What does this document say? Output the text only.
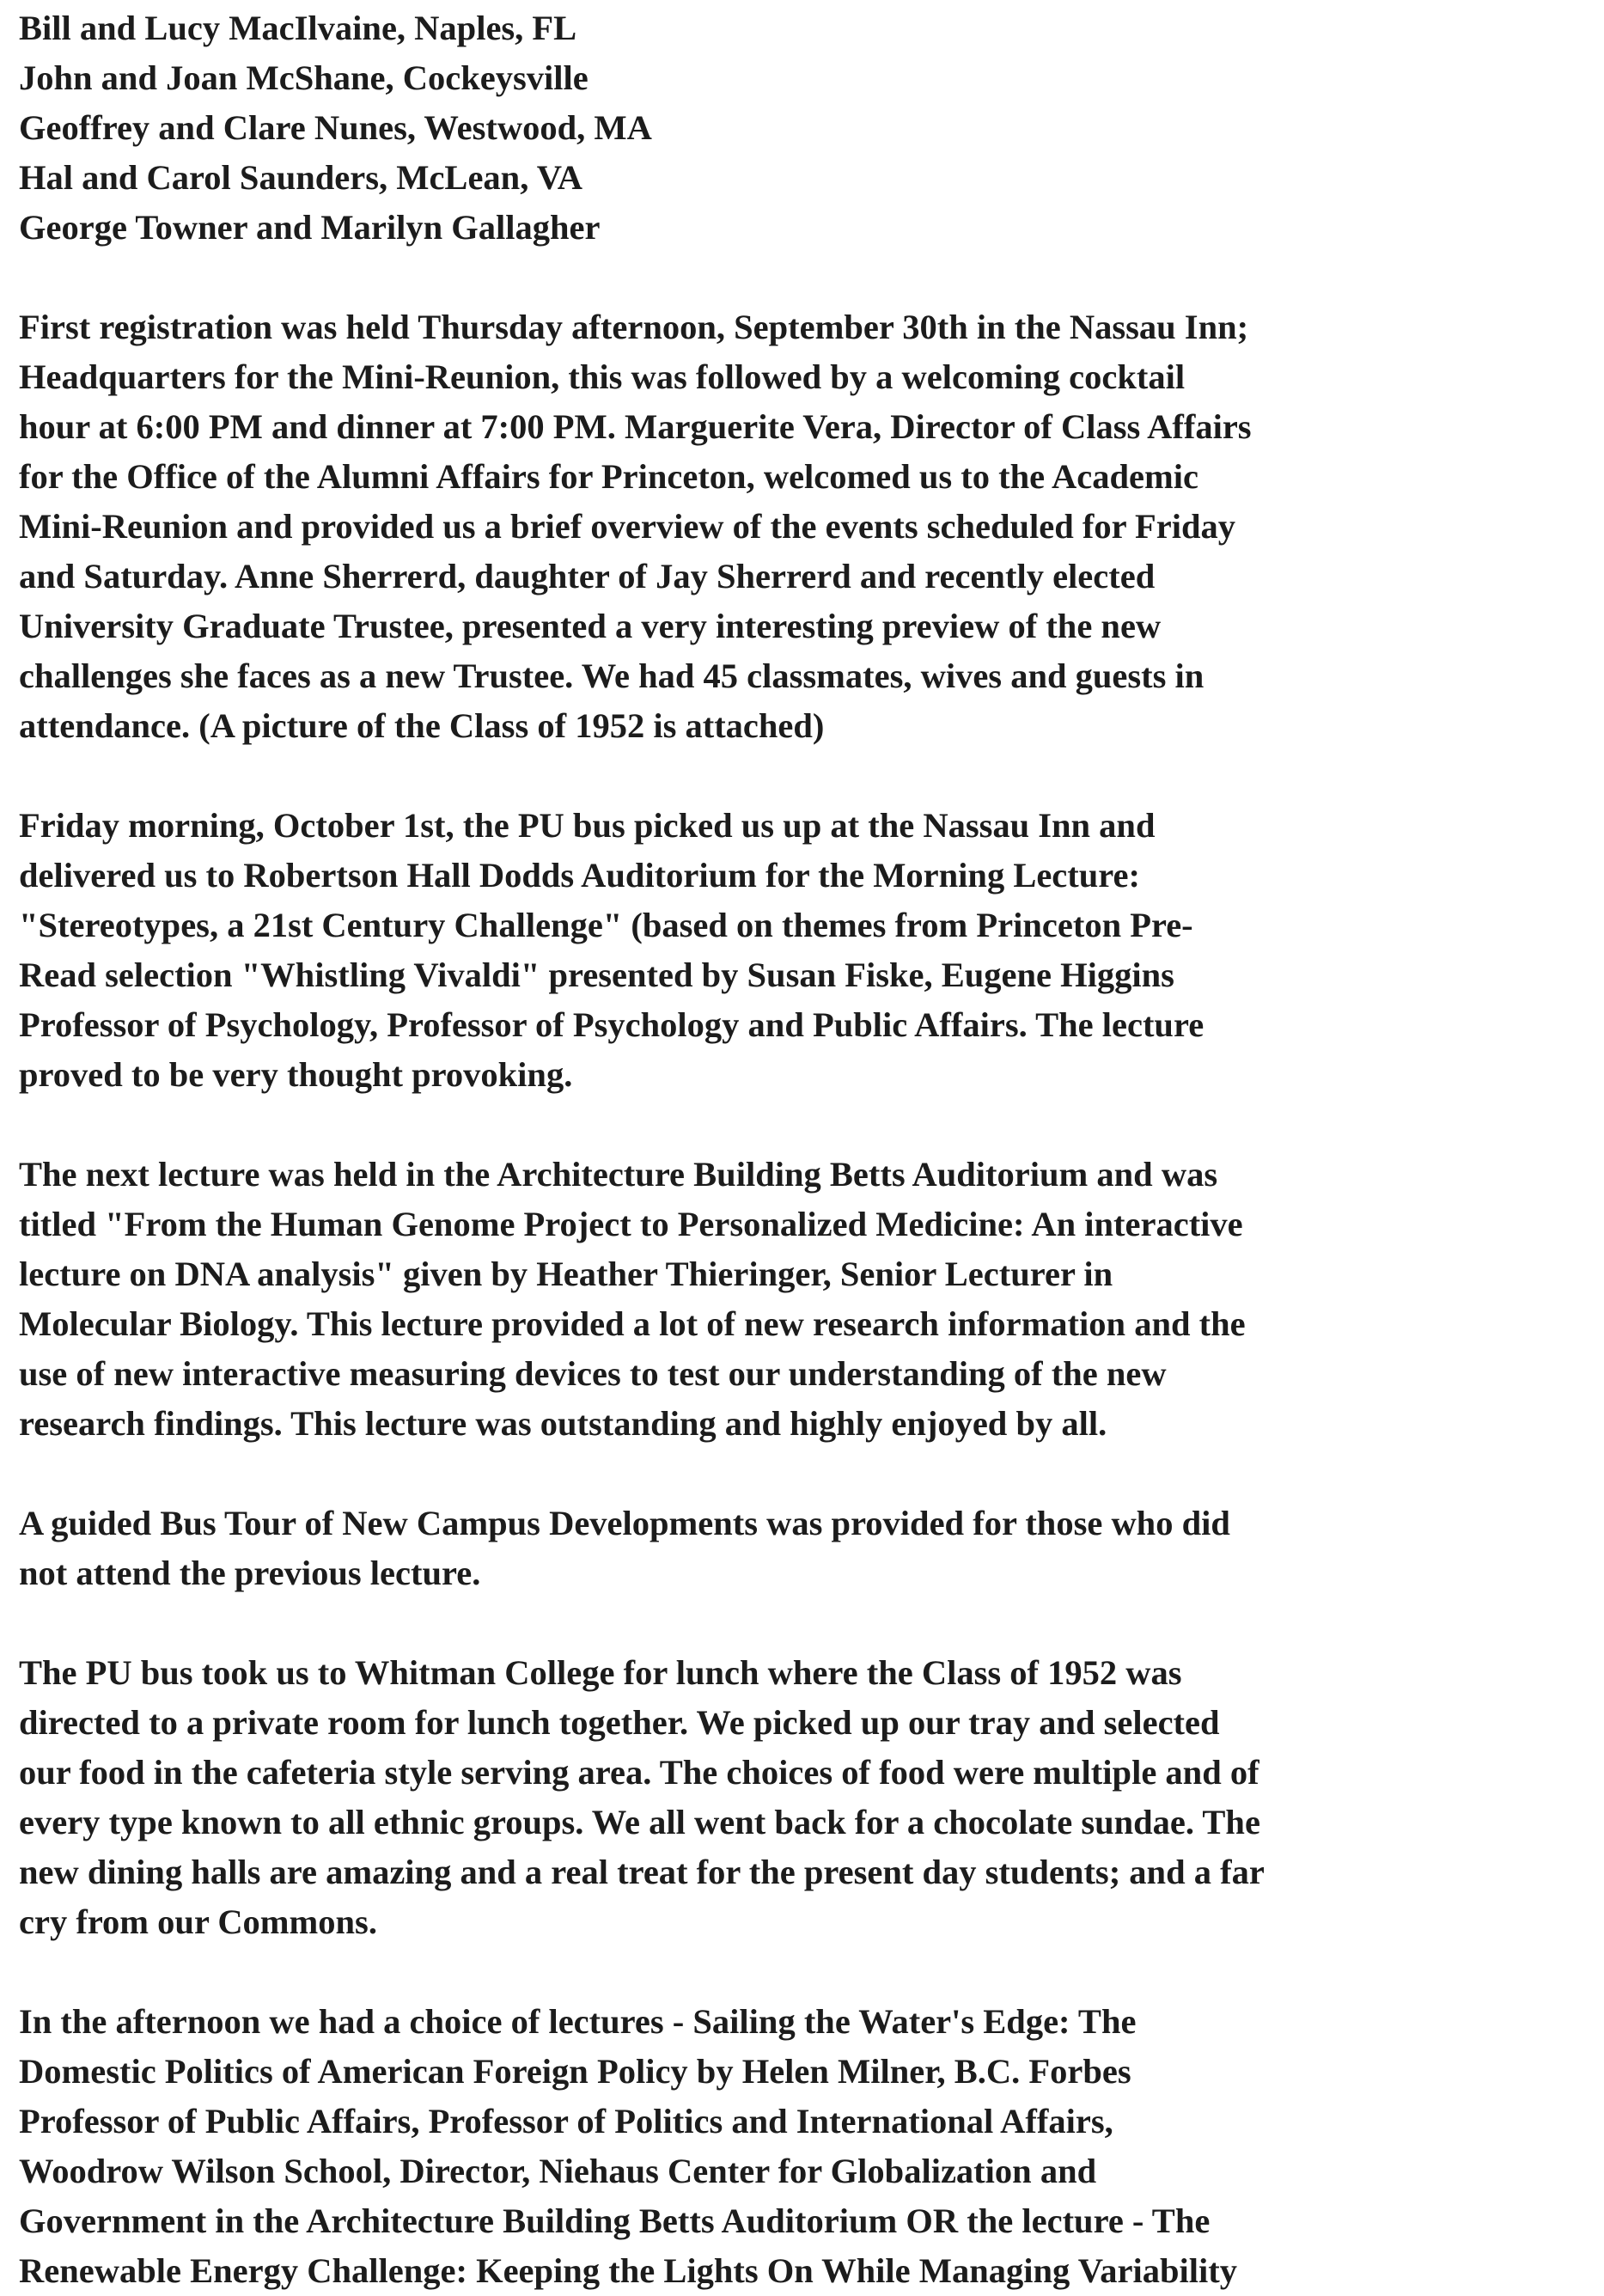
Bill and Lucy MacIlvaine, Naples, FL
John and Joan McShane, Cockeysville
Geoffrey and Clare Nunes, Westwood, MA
Hal and Carol Saunders, McLean, VA
George Towner and Marilyn Gallagher
First registration was held Thursday afternoon, September 30th in the Nassau Inn;
Headquarters for the Mini-Reunion, this was followed by a welcoming cocktail
hour at 6:00 PM and dinner at 7:00 PM. Marguerite Vera, Director of Class Affairs
for the Office of the Alumni Affairs for Princeton, welcomed us to the Academic
Mini-Reunion and provided us a brief overview of the events scheduled for Friday
and Saturday. Anne Sherrerd, daughter of Jay Sherrerd and recently elected
University Graduate Trustee, presented a very interesting preview of the new
challenges she faces as a new Trustee. We had 45 classmates, wives and guests in
attendance. (A picture of the Class of 1952 is attached)
Friday morning, October 1st, the PU bus picked us up at the Nassau Inn and
delivered us to Robertson Hall Dodds Auditorium for the Morning Lecture:
"Stereotypes, a 21st Century Challenge" (based on themes from Princeton Pre-
Read selection "Whistling Vivaldi" presented by Susan Fiske, Eugene Higgins
Professor of Psychology, Professor of Psychology and Public Affairs. The lecture
proved to be very thought provoking.
The next lecture was held in the Architecture Building Betts Auditorium and was
titled "From the Human Genome Project to Personalized Medicine: An interactive
lecture on DNA analysis" given by Heather Thieringer, Senior Lecturer in
Molecular Biology. This lecture provided a lot of new research information and the
use of new interactive measuring devices to test our understanding of the new
research findings. This lecture was outstanding and highly enjoyed by all.
A guided Bus Tour of New Campus Developments was provided for those who did
not attend the previous lecture.
The PU bus took us to Whitman College for lunch where the Class of 1952 was
directed to a private room for lunch together. We picked up our tray and selected
our food in the cafeteria style serving area. The choices of food were multiple and of
every type known to all ethnic groups. We all went back for a chocolate sundae. The
new dining halls are amazing and a real treat for the present day students; and a far
cry from our Commons.
In the afternoon we had a choice of lectures - Sailing the Water's Edge: The
Domestic Politics of American Foreign Policy by Helen Milner, B.C. Forbes
Professor of Public Affairs, Professor of Politics and International Affairs,
Woodrow Wilson School, Director, Niehaus Center for Globalization and
Government in the Architecture Building Betts Auditorium OR the lecture - The
Renewable Energy Challenge: Keeping the Lights On While Managing Variability
